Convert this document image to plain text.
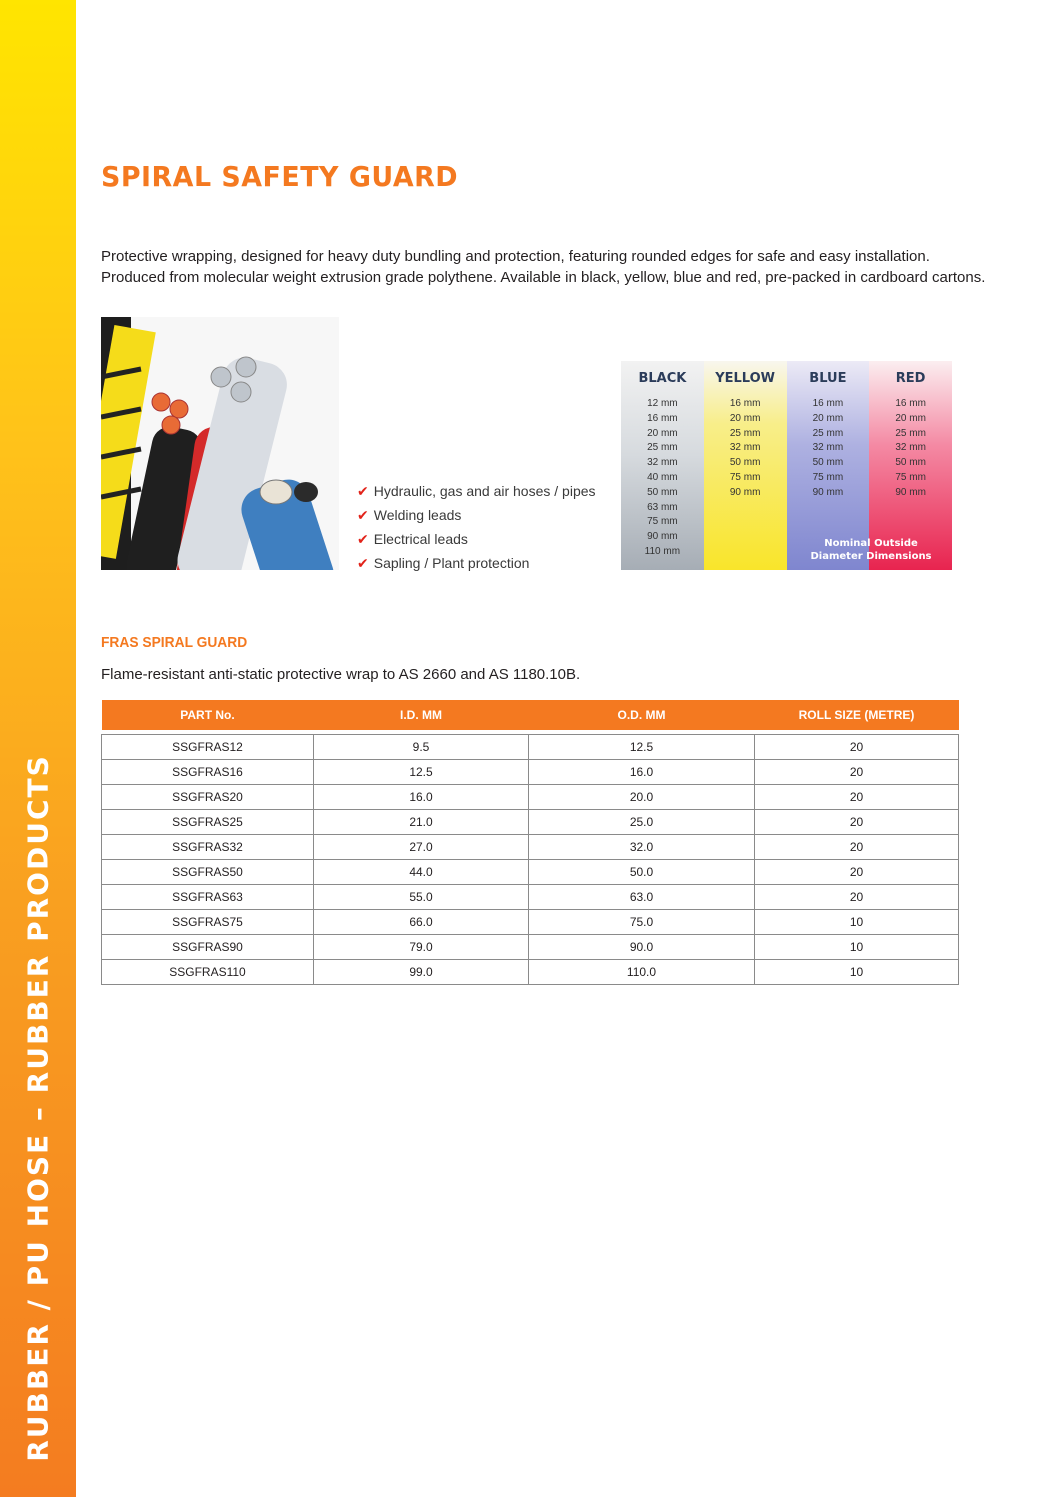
RUBBER / PU HOSE – RUBBER PRODUCTS
SPIRAL SAFETY GUARD

Protective wrapping, designed for heavy duty bundling and protection, featuring rounded edges for safe and easy installation.

Produced from molecular weight extrusion grade polythene. Available in black, yellow, blue and red, pre-packed in cardboard cartons.

✔ Hydraulic, gas and air hoses / pipes
✔ Welding leads
✔ Electrical leads
✔ Sapling / Plant protection
BLACK
12 mm
16 mm
20 mm
25 mm
32 mm
40 mm
50 mm
63 mm
75 mm
90 mm
110 mm
YELLOW
16 mm
20 mm
25 mm
32 mm
50 mm
75 mm
90 mm
BLUE
16 mm
20 mm
25 mm
32 mm
50 mm
75 mm
90 mm
RED
16 mm
20 mm
25 mm
32 mm
50 mm
75 mm
90 mm
Nominal Outside
Diameter Dimensions
FRAS SPIRAL GUARD

Flame-resistant anti-static protective wrap to AS 2660 and AS 1180.10B.

PART No.	I.D. MM	O.D. MM	ROLL SIZE (METRE)

SSGFRAS12	9.5	12.5	20
SSGFRAS16	12.5	16.0	20
SSGFRAS20	16.0	20.0	20
SSGFRAS25	21.0	25.0	20
SSGFRAS32	27.0	32.0	20
SSGFRAS50	44.0	50.0	20
SSGFRAS63	55.0	63.0	20
SSGFRAS75	66.0	75.0	10
SSGFRAS90	79.0	90.0	10
SSGFRAS110	99.0	110.0	10
